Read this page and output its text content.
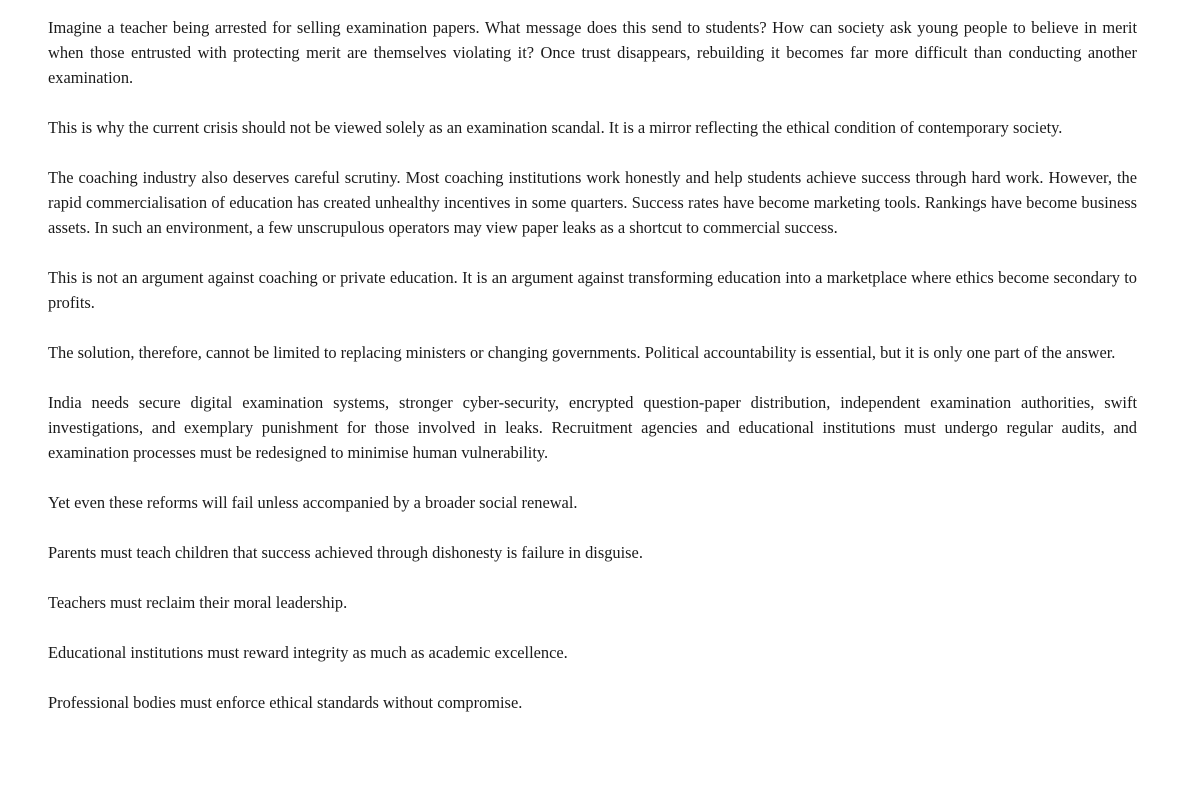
Imagine a teacher being arrested for selling examination papers. What message does this send to students? How can society ask young people to believe in merit when those entrusted with protecting merit are themselves violating it? Once trust disappears, rebuilding it becomes far more difficult than conducting another examination.

This is why the current crisis should not be viewed solely as an examination scandal. It is a mirror reflecting the ethical condition of contemporary society.

The coaching industry also deserves careful scrutiny. Most coaching institutions work honestly and help students achieve success through hard work. However, the rapid commercialisation of education has created unhealthy incentives in some quarters. Success rates have become marketing tools. Rankings have become business assets. In such an environment, a few unscrupulous operators may view paper leaks as a shortcut to commercial success.

This is not an argument against coaching or private education. It is an argument against transforming education into a marketplace where ethics become secondary to profits.

The solution, therefore, cannot be limited to replacing ministers or changing governments. Political accountability is essential, but it is only one part of the answer.

India needs secure digital examination systems, stronger cyber-security, encrypted question-paper distribution, independent examination authorities, swift investigations, and exemplary punishment for those involved in leaks. Recruitment agencies and educational institutions must undergo regular audits, and examination processes must be redesigned to minimise human vulnerability.

Yet even these reforms will fail unless accompanied by a broader social renewal.

Parents must teach children that success achieved through dishonesty is failure in disguise.

Teachers must reclaim their moral leadership.

Educational institutions must reward integrity as much as academic excellence.

Professional bodies must enforce ethical standards without compromise.
